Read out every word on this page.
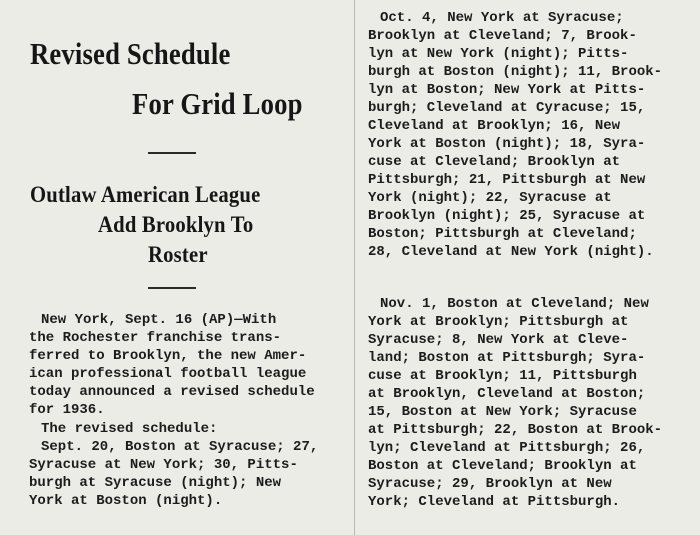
Revised Schedule
For Grid Loop
Outlaw American League
Add Brooklyn To
Roster
New York, Sept. 16 (AP)—With
the Rochester franchise trans-
ferred to Brooklyn, the new Amer-
ican professional football league
today announced a revised schedule
for 1936.
The revised schedule:
Sept. 20, Boston at Syracuse; 27,
Syracuse at New York; 30, Pitts-
burgh at Syracuse (night); New
York at Boston (night).
Oct. 4, New York at Syracuse;
Brooklyn at Cleveland; 7, Brook-
lyn at New York (night); Pitts-
burgh at Boston (night); 11, Brook-
lyn at Boston; New York at Pitts-
burgh; Cleveland at Cyracuse; 15,
Cleveland at Brooklyn; 16, New
York at Boston (night); 18, Syra-
cuse at Cleveland; Brooklyn at
Pittsburgh; 21, Pittsburgh at New
York (night); 22, Syracuse at
Brooklyn (night); 25, Syracuse at
Boston; Pittsburgh at Cleveland;
28, Cleveland at New York (night).
Nov. 1, Boston at Cleveland; New
York at Brooklyn; Pittsburgh at
Syracuse; 8, New York at Cleve-
land; Boston at Pittsburgh; Syra-
cuse at Brooklyn; 11, Pittsburgh
at Brooklyn, Cleveland at Boston;
15, Boston at New York; Syracuse
at Pittsburgh; 22, Boston at Brook-
lyn; Cleveland at Pittsburgh; 26,
Boston at Cleveland; Brooklyn at
Syracuse; 29, Brooklyn at New
York; Cleveland at Pittsburgh.
